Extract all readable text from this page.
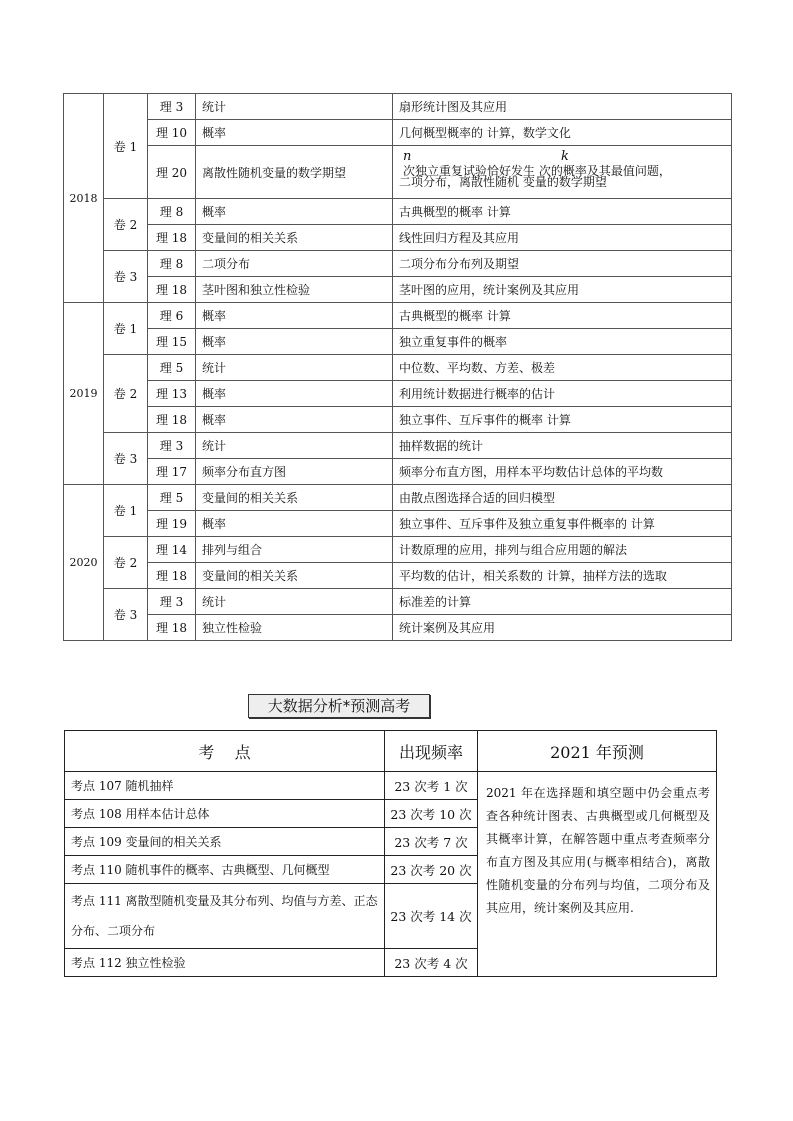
2018	卷 1	理 3	统计	扇形统计图及其应用
		理 10	概率	几何概型概率的 计算，数学文化
		理 20	离散性随机变量的数学期望	n k
次独立重复试验恰好发生 次的概率及其最值问题，
二项分布，离散性随机 变量的数学期望

	卷 2	理 8	概率	古典概型的概率 计算
		理 18	变量间的相关关系	线性回归方程及其应用
	卷 3	理 8	二项分布	二项分布分布列及期望
		理 18	茎叶图和独立性检验	茎叶图的应用，统计案例及其应用
2019	卷 1	理 6	概率	古典概型的概率 计算
		理 15	概率	独立重复事件的概率
	卷 2	理 5	统计	中位数、平均数、方差、极差
		理 13	概率	利用统计数据进行概率的估计
		理 18	概率	独立事件、互斥事件的概率 计算
	卷 3	理 3	统计	抽样数据的统计
		理 17	频率分布直方图	频率分布直方图，用样本平均数估计总体的平均数
2020	卷 1	理 5	变量间的相关关系	由散点图选择合适的回归模型
		理 19	概率	独立事件、互斥事件及独立重复事件概率的 计算
	卷 2	理 14	排列与组合	计数原理的应用，排列与组合应用题的解法
		理 18	变量间的相关关系	平均数的估计，相关系数的 计算，抽样方法的选取
	卷 3	理 3	统计	标准差的计算
		理 18	独立性检验	统计案例及其应用
大数据分析*预测高考
考    点	出现频率	2021 年预测
考点 107 随机抽样	23 次考 1 次	2021 年在选择题和填空题中仍会重点考查各种统计图表、古典概型或几何概型及其概率计算，在解答题中重点考查频率分布直方图及其应用(与概率相结合)，离散性随机变量的分布列与均值，二项分布及其应用，统计案例及其应用.
考点 108 用样本估计总体	23 次考 10 次	
考点 109 变量间的相关关系	23 次考 7 次	
考点 110 随机事件的概率、古典概型、几何概型	23 次考 20 次	
考点 111 离散型随机变量及其分布列、均值与方差、正态分布、二项分布	23 次考 14 次	
考点 112 独立性检验	23 次考 4 次	
